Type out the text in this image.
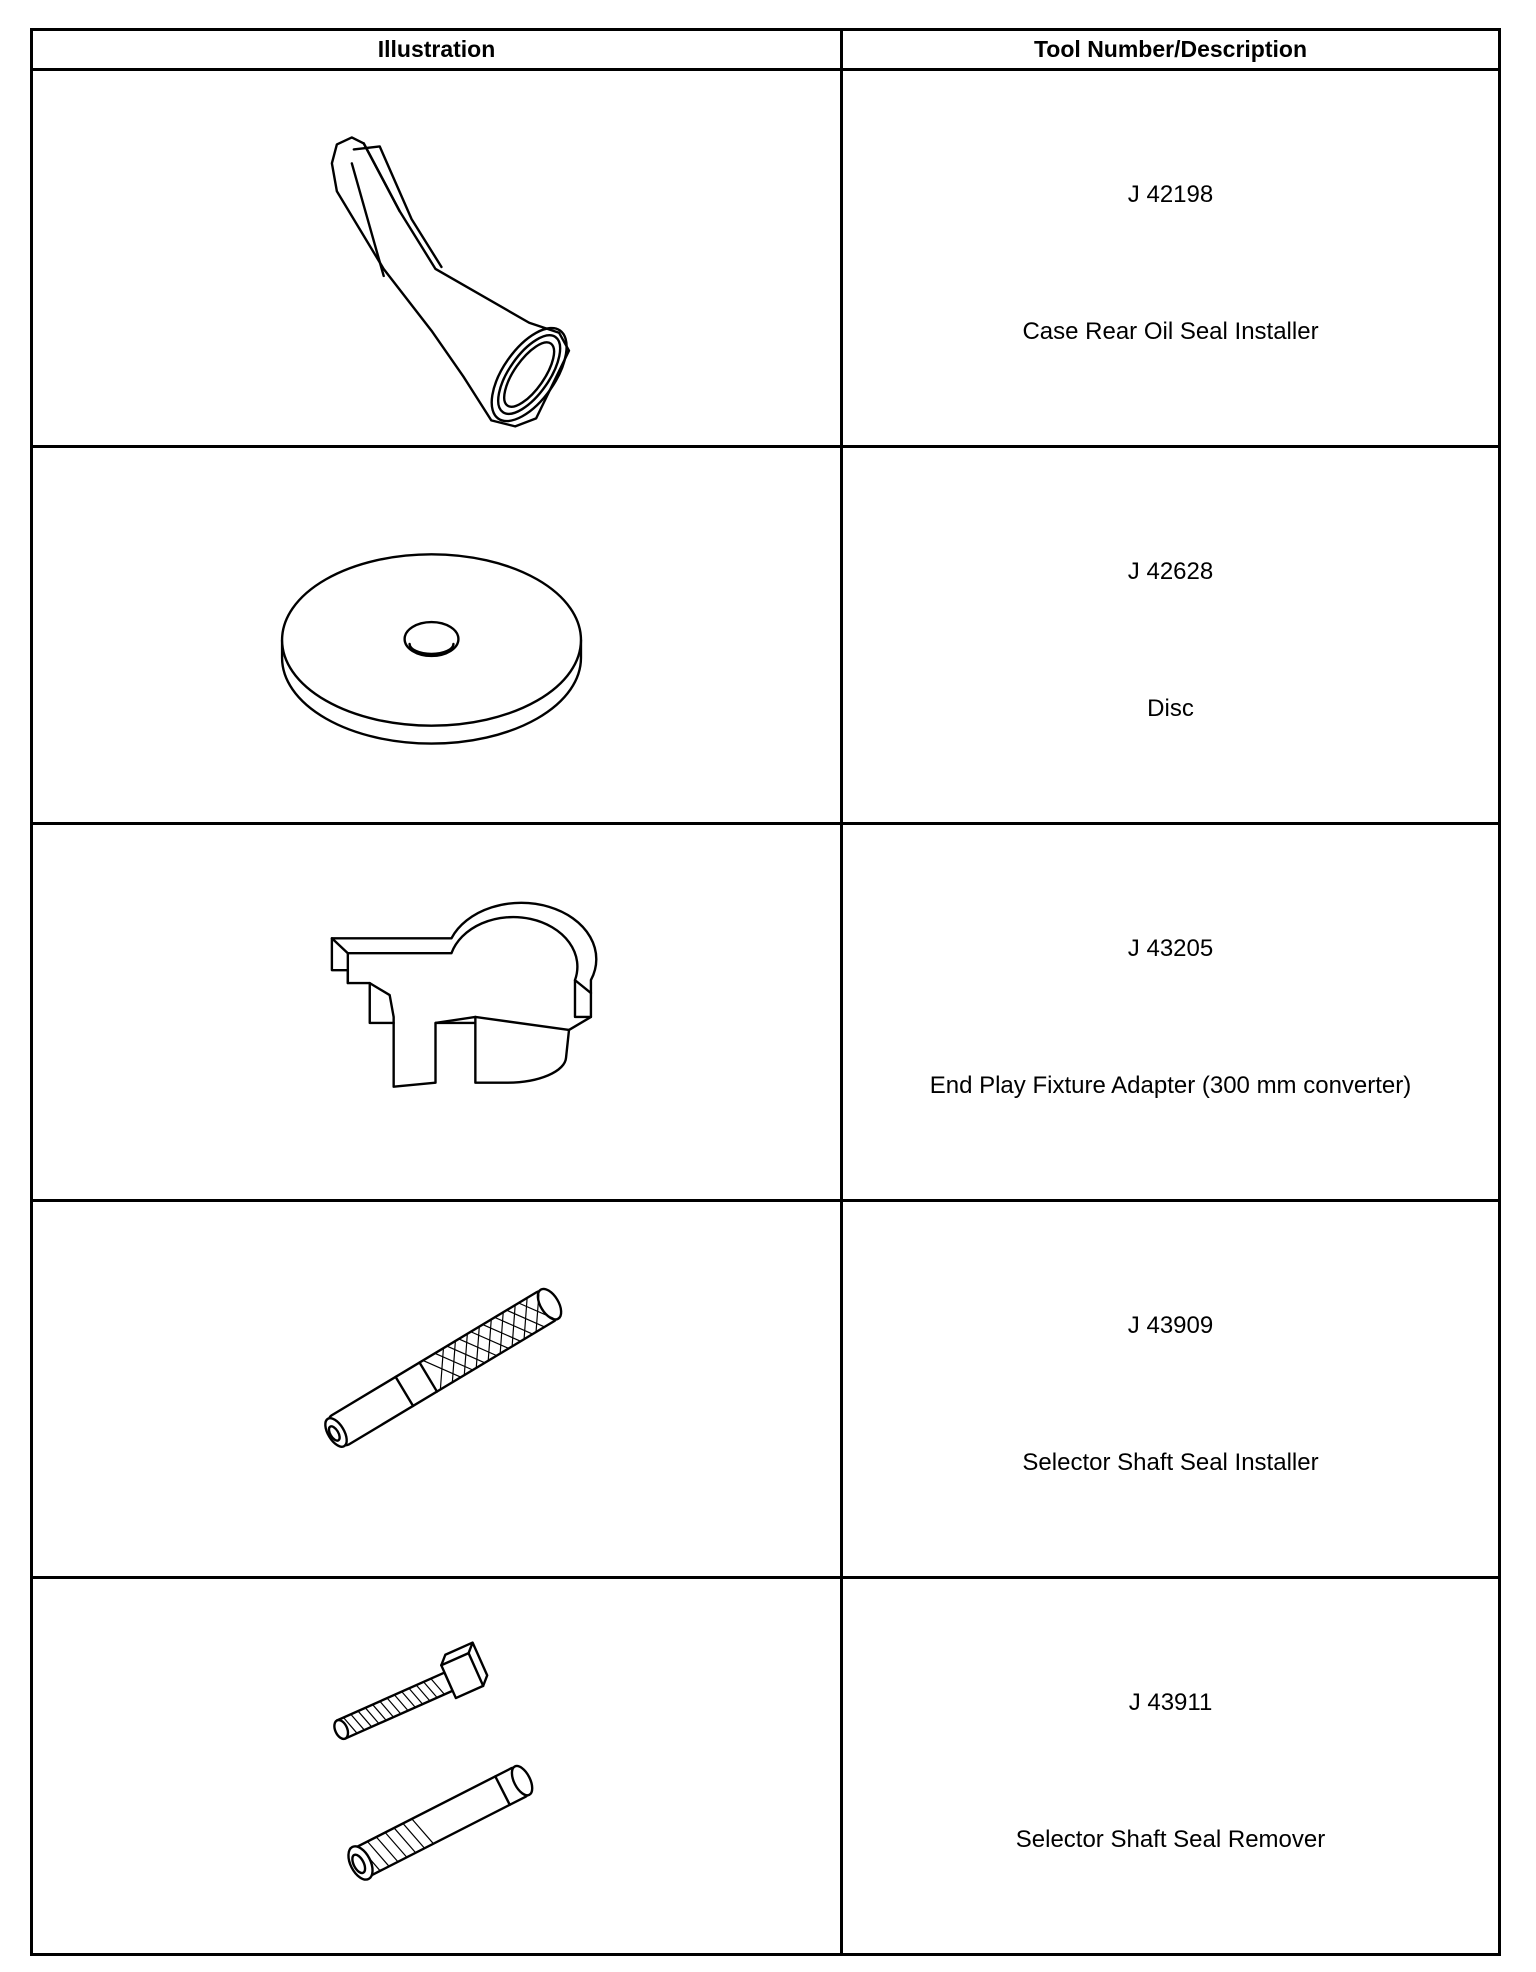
Illustration	Tool Number/Description

J 42198
Case Rear Oil Seal Installer

J 42628
Disc

J 43205
End Play Fixture Adapter (300 mm converter)

J 43909
Selector Shaft Seal Installer

J 43911
Selector Shaft Seal Remover
